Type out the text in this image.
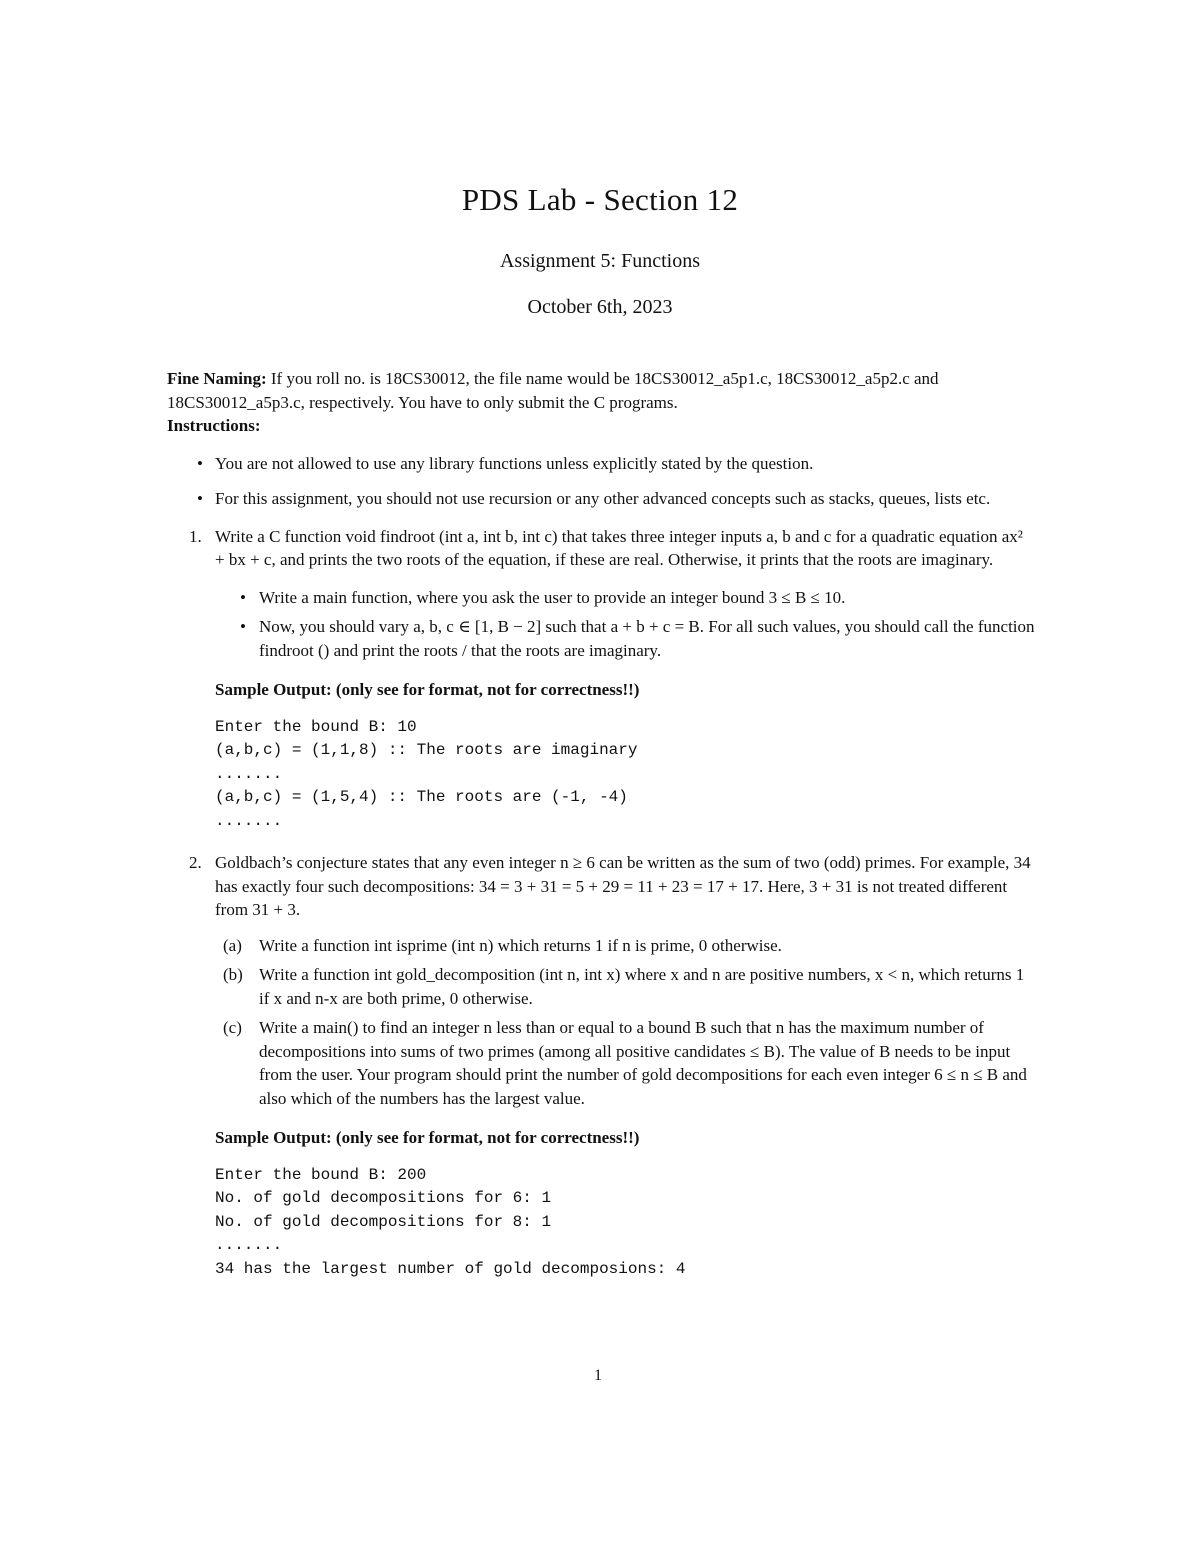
PDS Lab - Section 12
Assignment 5: Functions
October 6th, 2023

Fine Naming: If you roll no. is 18CS30012, the file name would be 18CS30012_a5p1.c, 18CS30012_a5p2.c and 18CS30012_a5p3.c, respectively. You have to only submit the C programs.

Instructions:

• You are not allowed to use any library functions unless explicitly stated by the question.
• For this assignment, you should not use recursion or any other advanced concepts such as stacks, queues, lists etc.
1. Write a C function void findroot (int a, int b, int c) that takes three integer inputs a, b and c for a quadratic equation ax² + bx + c, and prints the two roots of the equation, if these are real. Otherwise, it prints that the roots are imaginary.
• Write a main function, where you ask the user to provide an integer bound 3 ≤ B ≤ 10.
• Now, you should vary a, b, c ∈ [1, B − 2] such that a + b + c = B. For all such values, you should call the function findroot () and print the roots / that the roots are imaginary.

Sample Output: (only see for format, not for correctness!!)

Enter the bound B: 10
(a,b,c) = (1,1,8) :: The roots are imaginary
.......
(a,b,c) = (1,5,4) :: The roots are (-1, -4)
.......
2. Goldbach’s conjecture states that any even integer n ≥ 6 can be written as the sum of two (odd) primes. For example, 34 has exactly four such decompositions: 34 = 3 + 31 = 5 + 29 = 11 + 23 = 17 + 17. Here, 3 + 31 is not treated different from 31 + 3.
(a) Write a function int isprime (int n) which returns 1 if n is prime, 0 otherwise.
(b) Write a function int gold_decomposition (int n, int x) where x and n are positive numbers, x < n, which returns 1 if x and n-x are both prime, 0 otherwise.
(c) Write a main() to find an integer n less than or equal to a bound B such that n has the maximum number of decompositions into sums of two primes (among all positive candidates ≤ B). The value of B needs to be input from the user. Your program should print the number of gold decompositions for each even integer 6 ≤ n ≤ B and also which of the numbers has the largest value.

Sample Output: (only see for format, not for correctness!!)

Enter the bound B: 200
No. of gold decompositions for 6: 1
No. of gold decompositions for 8: 1
.......
34 has the largest number of gold decomposions: 4
1
